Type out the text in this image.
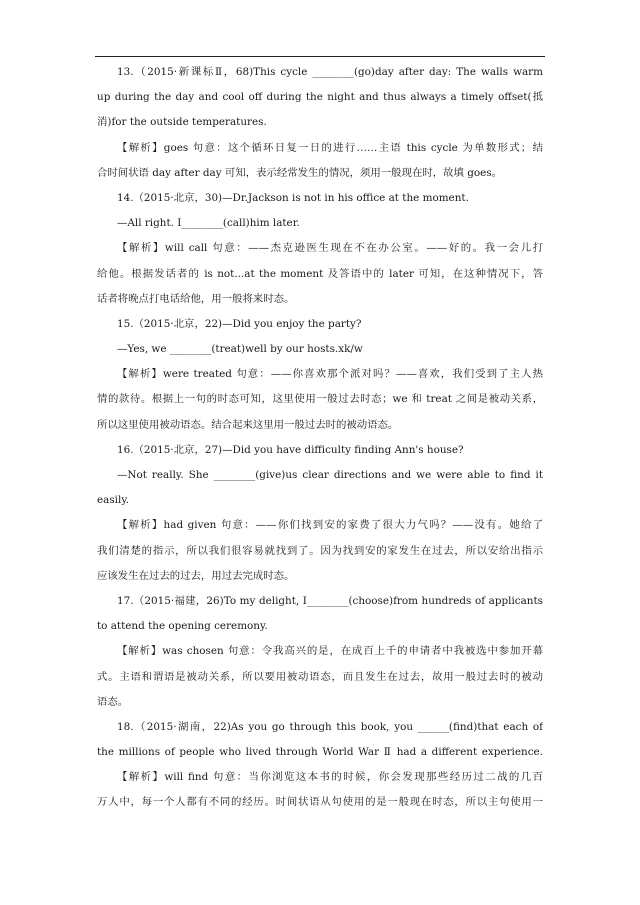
13.（2015·新课标Ⅱ，68)This cycle ________(go)day after day: The walls warm
up during the day and cool off during the night and thus always a timely offset(抵
消)for the outside temperatures.
【解析】goes 句意：这个循环日复一日的进行……主语 this cycle 为单数形式；结
合时间状语 day after day 可知，表示经常发生的情况，须用一般现在时，故填 goes。
14.（2015·北京，30)—Dr.Jackson is not in his office at the moment.
—All right. I________(call)him later.
【解析】will call 句意：——杰克逊医生现在不在办公室。——好的。我一会儿打
给他。根据发话者的 is not...at the moment 及答语中的 later 可知，在这种情况下，答
话者将晚点打电话给他，用一般将来时态。
15.（2015·北京，22)—Did you enjoy the party?
—Yes, we ________(treat)well by our hosts.xk/w
【解析】were treated 句意：——你喜欢那个派对吗？——喜欢，我们受到了主人热
情的款待。根据上一句的时态可知，这里使用一般过去时态；we 和 treat 之间是被动关系，
所以这里使用被动语态。结合起来这里用一般过去时的被动语态。
16.（2015·北京，27)—Did you have difficulty finding Ann's house?
—Not really. She ________(give)us clear directions and we were able to find it
easily.
【解析】had given 句意：——你们找到安的家费了很大力气吗？——没有。她给了
我们清楚的指示，所以我们很容易就找到了。因为找到安的家发生在过去，所以安给出指示
应该发生在过去的过去，用过去完成时态。
17.（2015·福建，26)To my delight, I________(choose)from hundreds of applicants
to attend the opening ceremony.
【解析】was chosen 句意：令我高兴的是，在成百上千的申请者中我被选中参加开幕
式。主语和谓语是被动关系，所以要用被动语态，而且发生在过去，故用一般过去时的被动
语态。
18.（2015·湖南，22)As you go through this book, you ______(find)that each of
the millions of people who lived through World War Ⅱ had a different experience.
【解析】will find 句意：当你浏览这本书的时候，你会发现那些经历过二战的几百
万人中，每一个人都有不同的经历。时间状语从句使用的是一般现在时态，所以主句使用一
